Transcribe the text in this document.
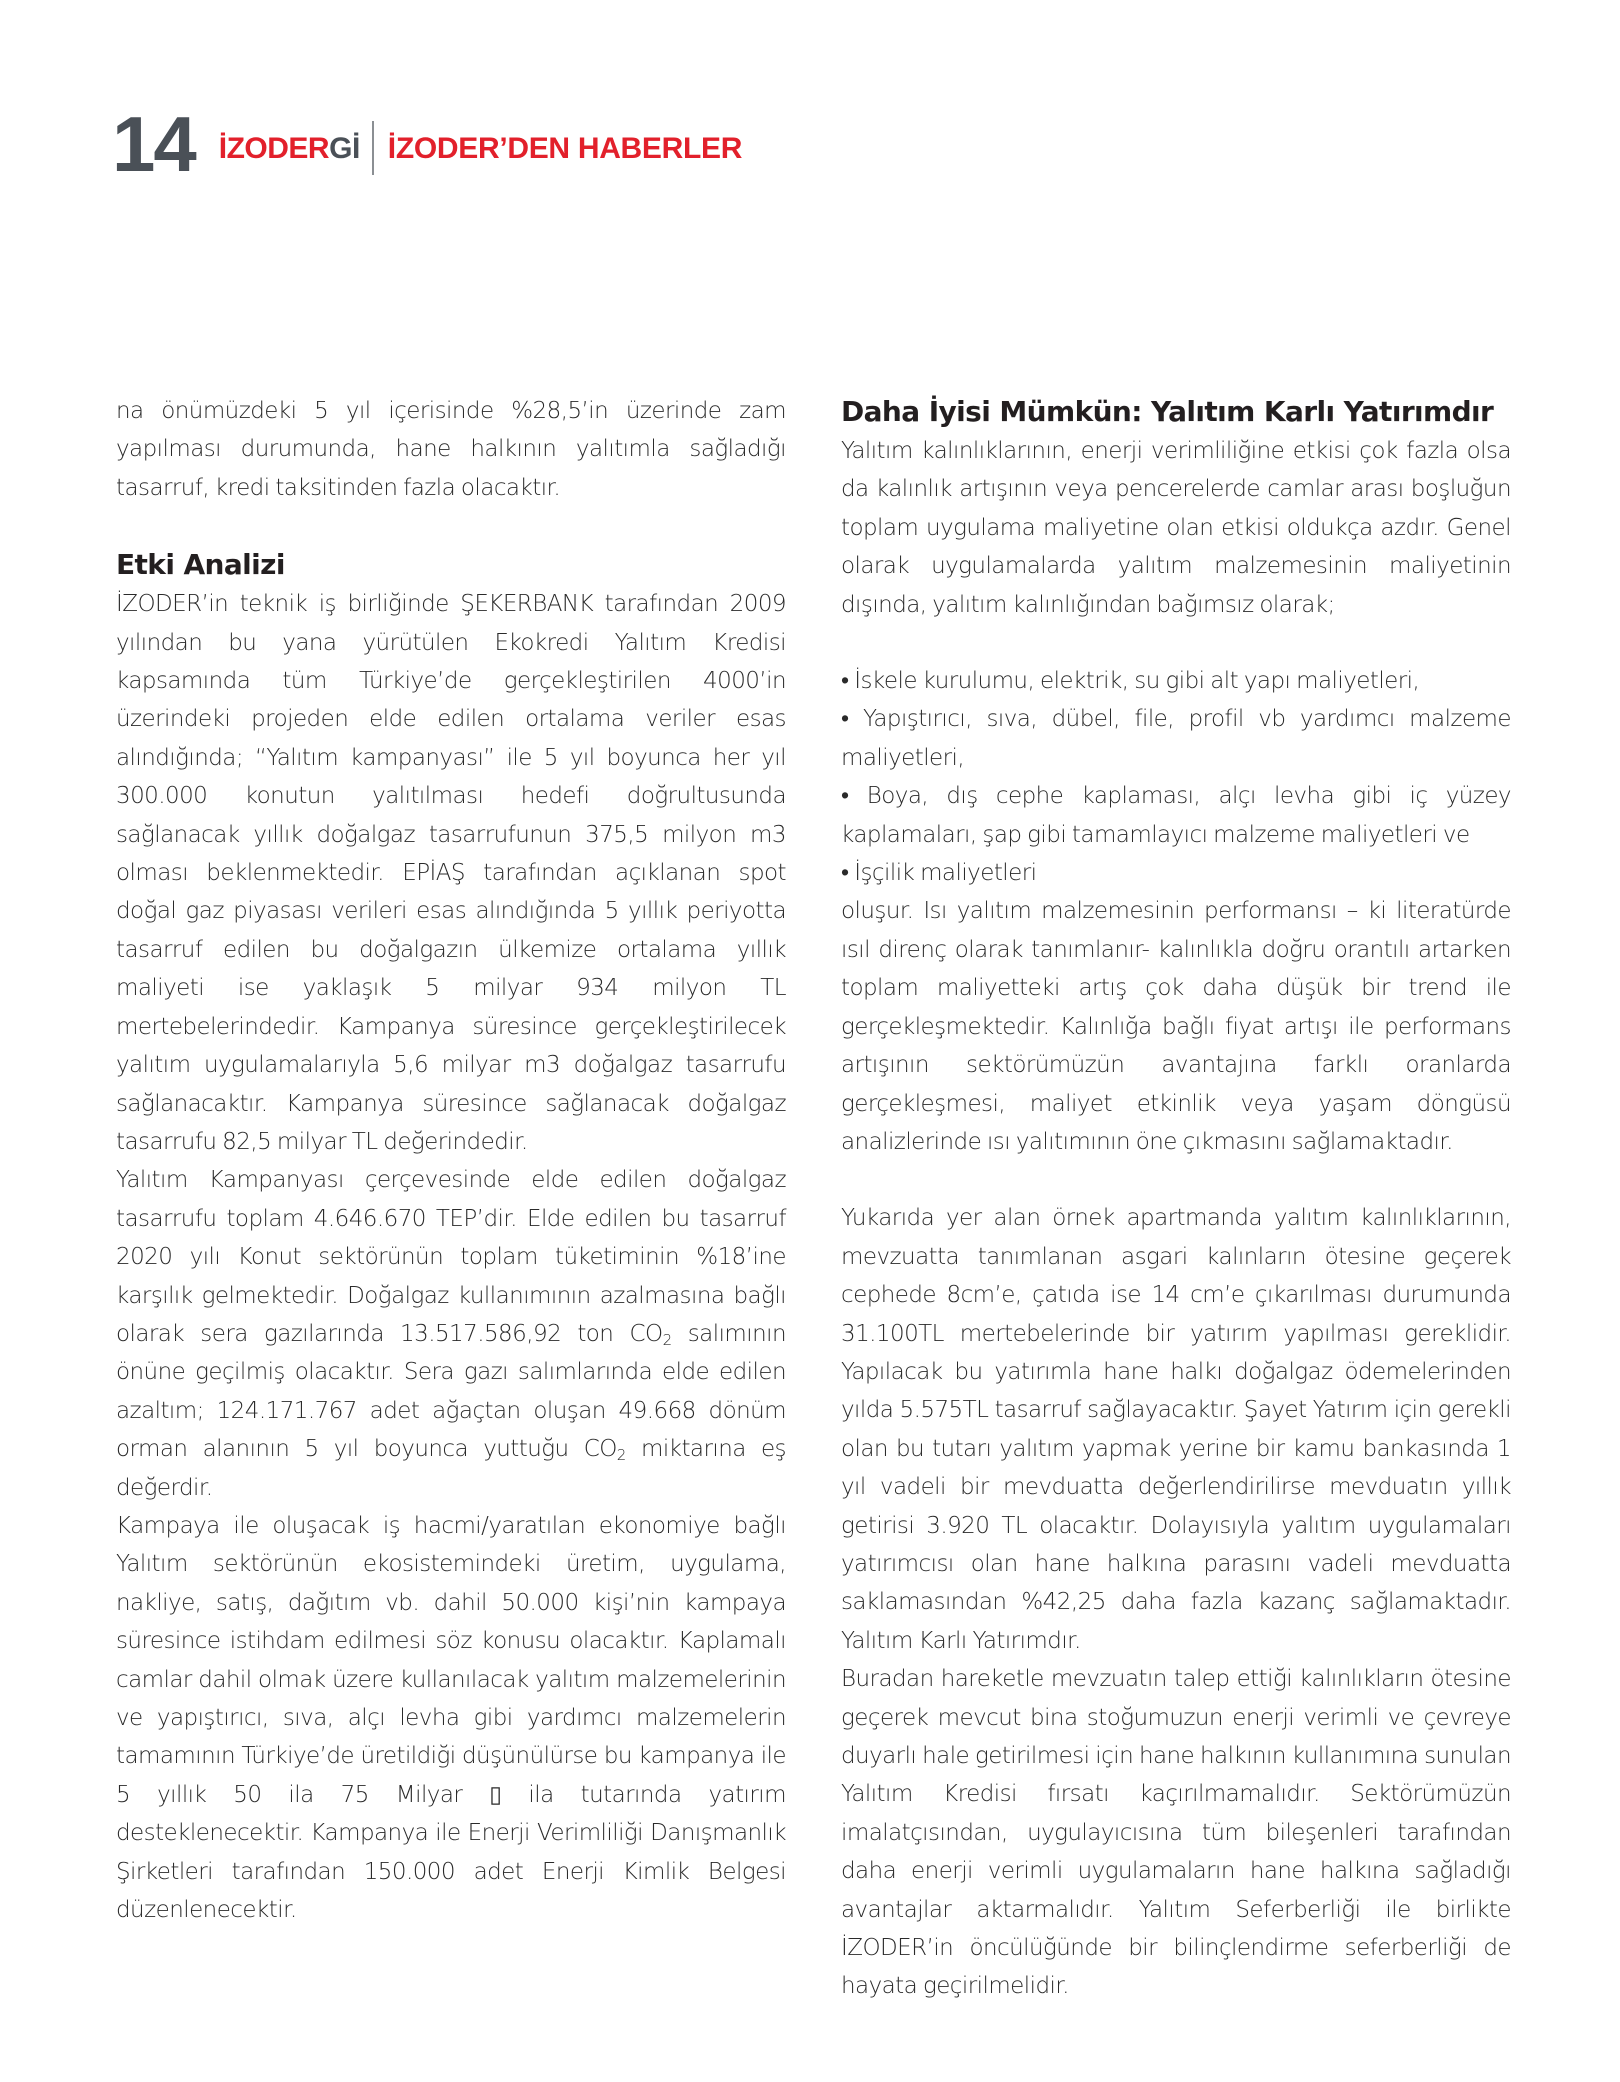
14 İZODER Gİ İZODER’DEN HABERLER

na önümüzdeki 5 yıl içerisinde %28,5’in üzerinde zam yapılması durumunda, hane halkının yalıtımla sağladığı tasarruf, kredi taksitinden fazla olacaktır.

Etki Analizi

İZODER’in teknik iş birliğinde ŞEKERBANK tarafından 2009 yılından bu yana yürütülen Ekokredi Yalıtım Kredisi kapsamında tüm Türkiye’de gerçekleştirilen 4000’in üzerindeki projeden elde edilen ortalama veriler esas alındığında; “Yalıtım kampanyası” ile 5 yıl boyunca her yıl 300.000 konutun yalıtılması hedefi doğrultusunda sağlanacak yıllık doğalgaz tasarrufunun 375,5 milyon m3 olması beklenmektedir. EPİAŞ tarafından açıklanan spot doğal gaz piyasası verileri esas alındığında 5 yıllık periyotta tasarruf edilen bu doğalgazın ülkemize ortalama yıllık maliyeti ise yaklaşık 5 milyar 934 milyon TL mertebelerindedir. Kampanya süresince gerçekleştirilecek yalıtım uygulamalarıyla 5,6 milyar m3 doğalgaz tasarrufu sağlanacaktır. Kampanya süresince sağlanacak doğalgaz tasarrufu 82,5 milyar TL değerindedir.

Yalıtım Kampanyası çerçevesinde elde edilen doğalgaz tasarrufu toplam 4.646.670 TEP’dir. Elde edilen bu tasarruf 2020 yılı Konut sektörünün toplam tüketiminin %18’ine karşılık gelmektedir. Doğalgaz kullanımının azalmasına bağlı olarak sera gazılarında 13.517.586,92 ton $CO_2$ salımının önüne geçilmiş olacaktır. Sera gazı salımlarında elde edilen azaltım; 124.171.767 adet ağaçtan oluşan 49.668 dönüm orman alanının 5 yıl boyunca yuttuğu $CO_2$ miktarına eş değerdir.

Kampaya ile oluşacak iş hacmi/yaratılan ekonomiye bağlı Yalıtım sektörünün ekosistemindeki üretim, uygulama, nakliye, satış, dağıtım vb. dahil 50.000 kişi’nin kampaya süresince istihdam edilmesi söz konusu olacaktır. Kaplamalı camlar dahil olmak üzere kullanılacak yalıtım malzemelerinin ve yapıştırıcı, sıva, alçı levha gibi yardımcı malzemelerin tamamının Türkiye’de üretildiği düşünülürse bu kampanya ile 5 yıllık 50 ila 75 Milyar ▯ ila tutarında yatırım desteklenecektir. Kampanya ile Enerji Verimliliği Danışmanlık Şirketleri tarafından 150.000 adet Enerji Kimlik Belgesi düzenlenecektir.

Daha İyisi Mümkün: Yalıtım Karlı Yatırımdır

Yalıtım kalınlıklarının, enerji verimliliğine etkisi çok fazla olsa da kalınlık artışının veya pencerelerde camlar arası boşluğun toplam uygulama maliyetine olan etkisi oldukça azdır. Genel olarak uygulamalarda yalıtım malzemesinin maliyetinin dışında, yalıtım kalınlığından bağımsız olarak;

• İskele kurulumu, elektrik, su gibi alt yapı maliyetleri,

• Yapıştırıcı, sıva, dübel, file, profil vb yardımcı malzeme maliyetleri,

• Boya, dış cephe kaplaması, alçı levha gibi iç yüzey kaplamaları, şap gibi tamamlayıcı malzeme maliyetleri ve

• İşçilik maliyetleri

oluşur. Isı yalıtım malzemesinin performansı – ki literatürde ısıl direnç olarak tanımlanır- kalınlıkla doğru orantılı artarken toplam maliyetteki artış çok daha düşük bir trend ile gerçekleşmektedir. Kalınlığa bağlı fiyat artışı ile performans artışının sektörümüzün avantajına farklı oranlarda gerçekleşmesi, maliyet etkinlik veya yaşam döngüsü analizlerinde ısı yalıtımının öne çıkmasını sağlamaktadır.

Yukarıda yer alan örnek apartmanda yalıtım kalınlıklarının, mevzuatta tanımlanan asgari kalınların ötesine geçerek cephede 8cm’e, çatıda ise 14 cm’e çıkarılması durumunda 31.100TL mertebelerinde bir yatırım yapılması gereklidir. Yapılacak bu yatırımla hane halkı doğalgaz ödemelerinden yılda 5.575TL tasarruf sağlayacaktır. Şayet Yatırım için gerekli olan bu tutarı yalıtım yapmak yerine bir kamu bankasında 1 yıl vadeli bir mevduatta değerlendirilirse mevduatın yıllık getirisi 3.920 TL olacaktır. Dolayısıyla yalıtım uygulamaları yatırımcısı olan hane halkına parasını vadeli mevduatta saklamasından %42,25 daha fazla kazanç sağlamaktadır. Yalıtım Karlı Yatırımdır.

Buradan hareketle mevzuatın talep ettiği kalınlıkların ötesine geçerek mevcut bina stoğumuzun enerji verimli ve çevreye duyarlı hale getirilmesi için hane halkının kullanımına sunulan Yalıtım Kredisi fırsatı kaçırılmamalıdır. Sektörümüzün imalatçısından, uygulayıcısına tüm bileşenleri tarafından daha enerji verimli uygulamaların hane halkına sağladığı avantajlar aktarmalıdır. Yalıtım Seferberliği ile birlikte İZODER’in öncülüğünde bir bilinçlendirme seferberliği de hayata geçirilmelidir.
